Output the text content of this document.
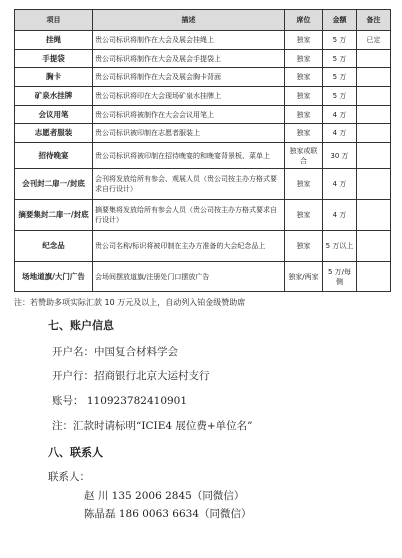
项目	描述	席位	金额	备注
挂绳	贵公司标识将制作在大会及展会挂绳上	独家	5 万	已定
手提袋	贵公司标识将制作在大会及展会手提袋上	独家	5 万	
胸卡	贵公司标识将制作在大会及展会胸卡背面	独家	5 万	
矿泉水挂牌	贵公司标识将印在大会现场矿泉水挂牌上	独家	5 万	
会议用笔	贵公司标识将被制作在大会会议用笔上	独家	4 万	
志愿者服装	贵公司标识被印制在志愿者服装上	独家	4 万	
招待晚宴	贵公司标识将被印制在招待晚宴的和晚宴背景板、菜单上	独家或联合	30 万	
会刊封二扉一/封底	会刊将发放给所有参会、观展人员（贵公司按主办方格式要求自行设计）	独家	4 万	
摘要集封二扉一/封底	摘要集将发放给所有参会人员（贵公司按主办方格式要求自行设计）	独家	4 万	
纪念品	贵公司名称/标识将被印制在主办方准备的大会纪念品上	独家	5 万以上	
场地道旗/大门广告	会场间摆放道旗/注册处门口摆放广告	独家/两家	5 万/每侧	
注：若赞助多项实际汇款 10 万元及以上，自动列入铂金级赞助席
七、账户信息
开户名：中国复合材料学会
开户行：招商银行北京大运村支行
账号： 110923782410901
注：汇款时请标明“ICIE4 展位费+单位名”
八、联系人
联系人：
赵 川 135 2006 2845（同微信）
陈晶磊 186 0063 6634（同微信）
